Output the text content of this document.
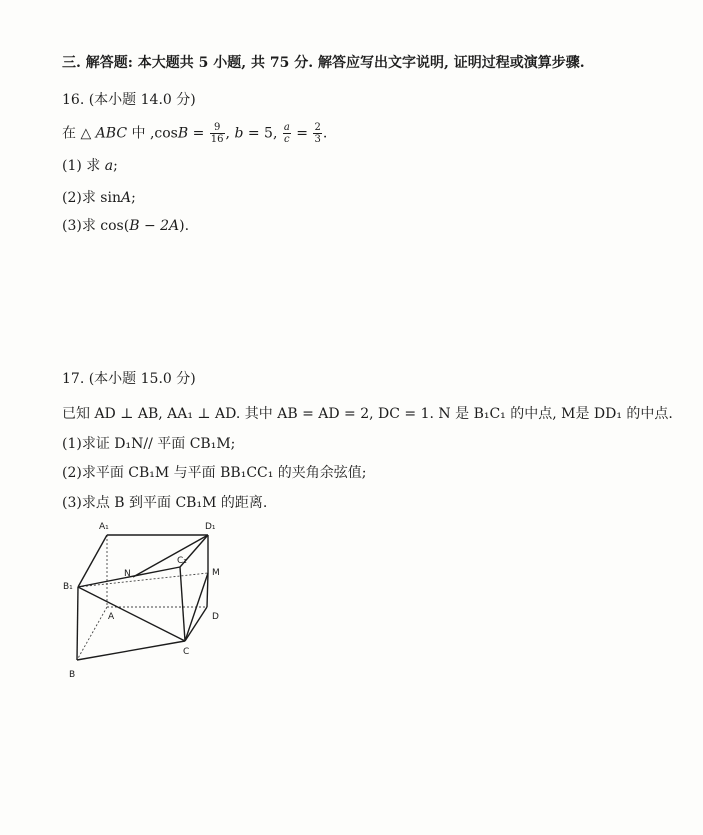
三. 解答题: 本大题共 5 小题, 共 75 分. 解答应写出文字说明, 证明过程或演算步骤.
16. (本小题 14.0 分)
在 △ ABC 中 $,\cos B = \frac{9}{16}$ , b = 5, $\frac{a}{c} = \frac{2}{3}$ .
(1) 求 a;
(2)求 sinA;
(3)求 cos(B − 2A).
17. (本小题 15.0 分)
已知 AD ⊥ AB, AA₁ ⊥ AD. 其中 AB = AD = 2, DC = 1. N 是 B₁C₁ 的中点, M是 DD₁ 的中点.
(1)求证 D₁N// 平面 CB₁M;
(2)求平面 CB₁M 与平面 BB₁CC₁ 的夹角余弦值;
(3)求点 B 到平面 CB₁M 的距离.
A₁	D₁
C₁
N	M
B₁
A	D
C
B
